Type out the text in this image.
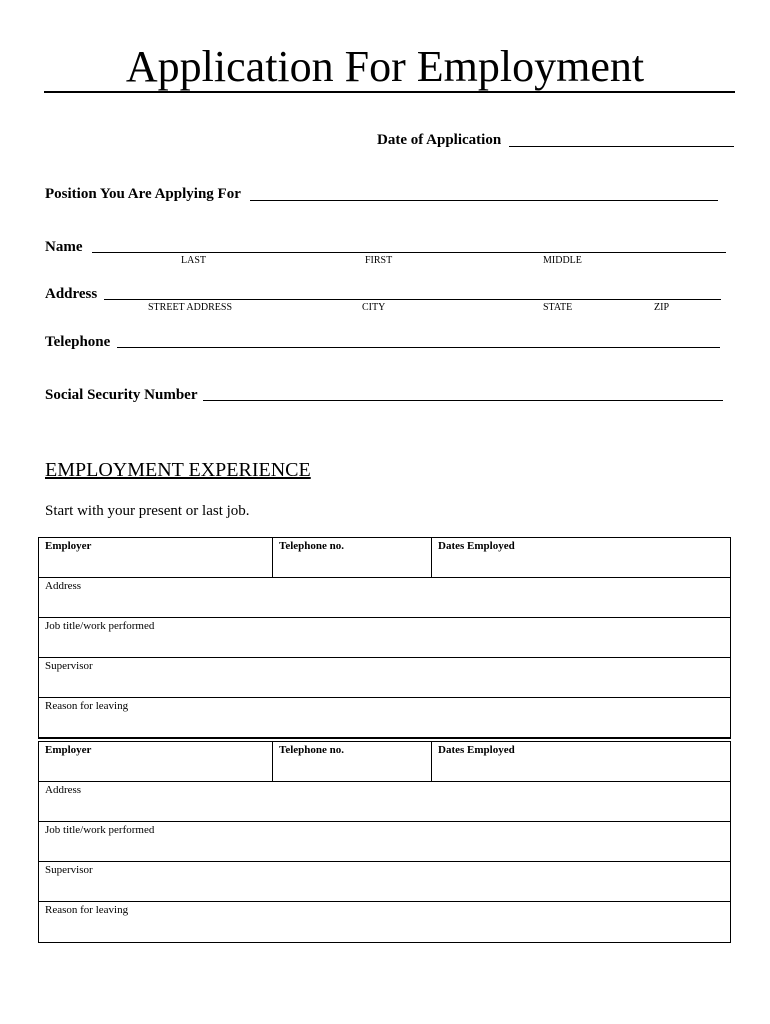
Application For Employment
Date of Application
Position You Are Applying For
Name
LAST	FIRST	MIDDLE
Address
STREET ADDRESS	CITY	STATE	ZIP
Telephone
Social Security Number
EMPLOYMENT EXPERIENCE
Start with your present or last job.
Employer	Telephone no.	Dates Employed
Address
Job title/work performed
Supervisor
Reason for leaving
Employer	Telephone no.	Dates Employed
Address
Job title/work performed
Supervisor
Reason for leaving
